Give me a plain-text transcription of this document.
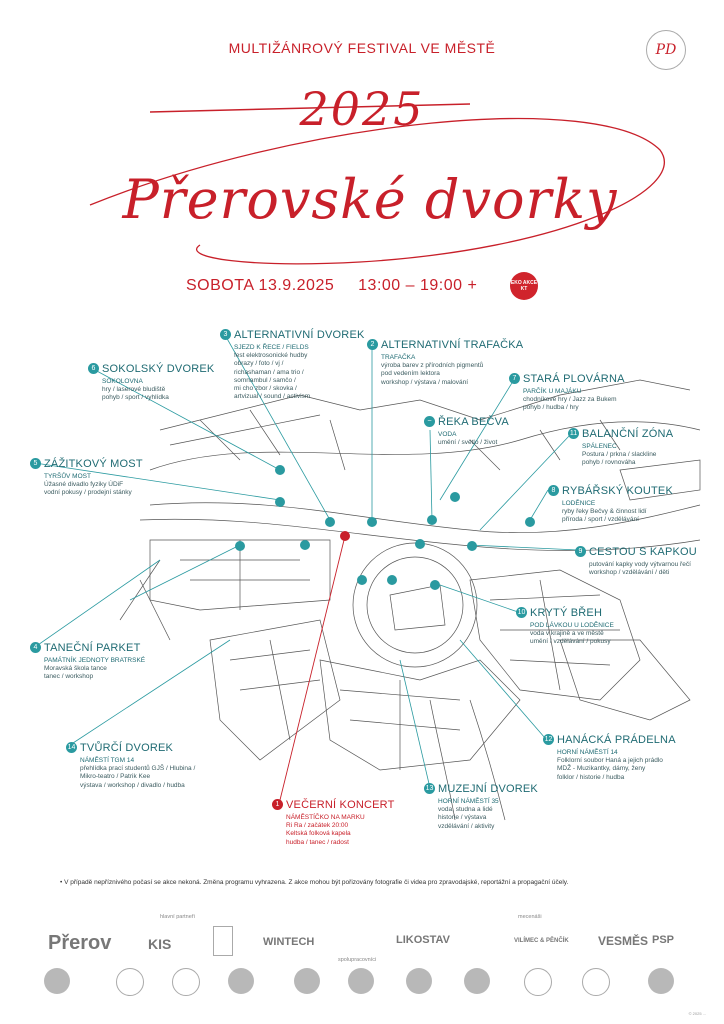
MULTIŽÁNROVÝ FESTIVAL VE MĚSTĚ	PD
2025
Přerovské dvorky
SOBOTA 13.9.2025 13:00 – 19:00 +	EKO AKCE KT
3 ALTERNATIVNÍ DVOREK
SJEZD K ŘECE / FIELDS
fest elektrosonické hudby
obrazy / foto / vj /
richashaman / ama trio /
somnambul / samčo /
mi cho zbor / skovka /
artvizual / sound / activism
2 ALTERNATIVNÍ TRAFAČKA
TRAFAČKA
výroba barev z přírodních pigmentů
pod vedením lektora
workshop / výstava / malování
6 SOKOLSKÝ DVOREK
SOKOLOVNA
hry / laserové bludiště
pohyb / sport / vyhlídka
7 STARÁ PLOVÁRNA
PARČÍK U MAJÁKU
chodníkové hry / Jazz za Bukem
pohyb / hudba / hry
~ ŘEKA BEČVA
VODA
umění / světlo / život
11 BALANČNÍ ZÓNA
SPÁLENEC
Postura / prkna / slackline
pohyb / rovnováha
5 ZÁŽITKOVÝ MOST
TYRŠŮV MOST
Úžasné divadlo fyziky ÚDiF
vodní pokusy / prodejní stánky	8 RYBÁŘSKÝ KOUTEK
LODĚNICE
ryby řeky Bečvy & činnost lidí
příroda / sport / vzdělávání
9 CESTOU S KAPKOU
putování kapky vody výtvarnou řečí
workshop / vzdělávání / děti
10 KRYTÝ BŘEH
POD LÁVKOU U LODĚNICE
voda v krajině a ve městě
umění / vzdělávání / pokusy
4 TANEČNÍ PARKET
PAMÁTNÍK JEDNOTY BRATRSKÉ
Moravská škola tance
tanec / workshop
12 HANÁCKÁ PRÁDELNA
HORNÍ NÁMĚSTÍ 14
Folklorní soubor Haná a jejich prádlo
MDŽ - Muzikantky, dámy, ženy
folklor / historie / hudba
14 TVŮRČÍ DVOREK
NÁMĚSTÍ TGM 14
přehlídka prací studentů GJŠ / Hlubina /
Mikro-teatro / Patrik Kee
výstava / workshop / divadlo / hudba
13 MUZEJNÍ DVOREK
HORNÍ NÁMĚSTÍ 35
voda, studna a lidé
historie / výstava
vzdělávání / aktivity
1 VEČERNÍ KONCERT
NÁMĚSTÍČKO NA MARKU
Ri Ra / začátek 20:00
Keltská folková kapela
hudba / tanec / radost
• V případě nepříznivého počasí se akce nekoná. Změna programu vyhrazena. Z akce mohou být pořizovány fotografie či videa pro zpravodajské, reportážní a propagační účely.
hlavní partneři	mecenáši
spolupracovníci
Přerov	KIS	WINTECH	LIKOSTAV	VILÍMEC & PĚNČÍK VESMĚS PSP
© 2025 ...
